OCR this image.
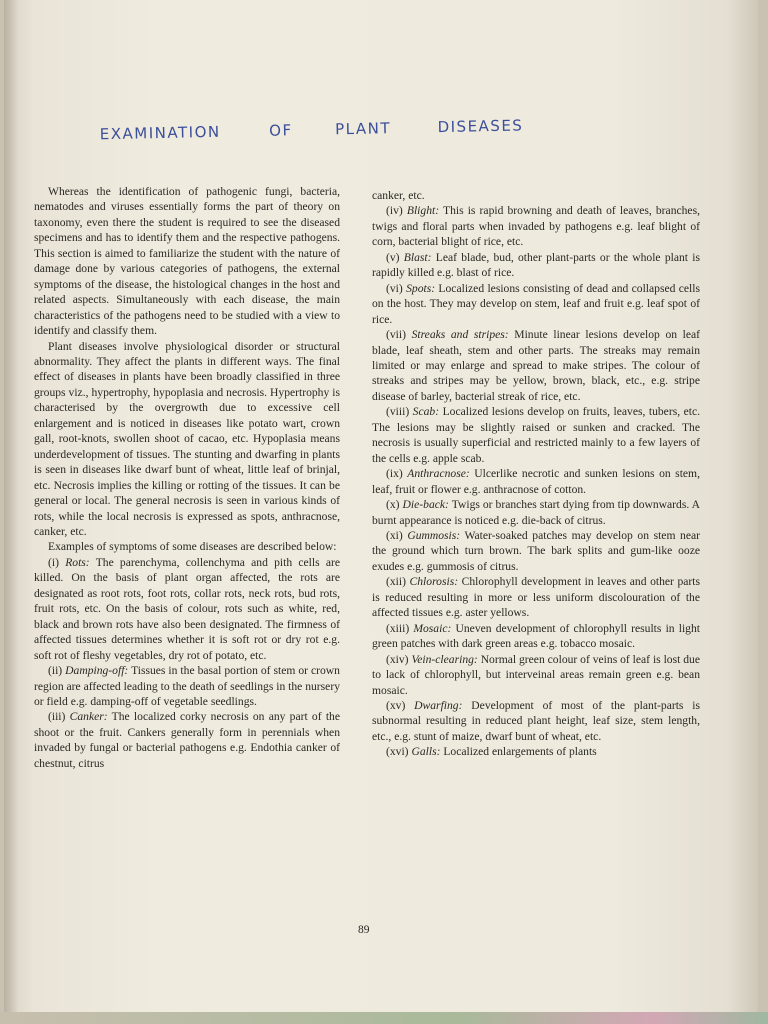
EXAMINATION	OF	PLANT	DISEASES

Whereas the identification of pathogenic fungi, bacteria, nematodes and viruses essentially forms the part of theory on taxonomy, even there the student is required to see the diseased specimens and has to identify them and the respective pathogens. This section is aimed to familiarize the student with the nature of damage done by various categories of pathogens, the external symptoms of the disease, the histological changes in the host and related aspects. Simultaneously with each disease, the main characteristics of the pathogens need to be studied with a view to identify and classify them.

Plant diseases involve physiological disorder or structural abnormality. They affect the plants in different ways. The final effect of diseases in plants have been broadly classified in three groups viz., hypertrophy, hypoplasia and necrosis. Hypertrophy is characterised by the overgrowth due to excessive cell enlargement and is noticed in diseases like potato wart, crown gall, root-knots, swollen shoot of cacao, etc. Hypoplasia means underdevelopment of tissues. The stunting and dwarfing in plants is seen in diseases like dwarf bunt of wheat, little leaf of brinjal, etc. Necrosis implies the killing or rotting of the tissues. It can be general or local. The general necrosis is seen in various kinds of rots, while the local necrosis is expressed as spots, anthracnose, canker, etc.

Examples of symptoms of some diseases are described below:

(i) Rots: The parenchyma, collenchyma and pith cells are killed. On the basis of plant organ affected, the rots are designated as root rots, foot rots, collar rots, neck rots, bud rots, fruit rots, etc. On the basis of colour, rots such as white, red, black and brown rots have also been designated. The firmness of affected tissues determines whether it is soft rot or dry rot e.g. soft rot of fleshy vegetables, dry rot of potato, etc.

(ii) Damping-off: Tissues in the basal portion of stem or crown region are affected leading to the death of seedlings in the nursery or field e.g. damping-off of vegetable seedlings.

(iii) Canker: The localized corky necrosis on any part of the shoot or the fruit. Cankers generally form in perennials when invaded by fungal or bacterial pathogens e.g. Endothia canker of chestnut, citrus

canker, etc.

(iv) Blight: This is rapid browning and death of leaves, branches, twigs and floral parts when invaded by pathogens e.g. leaf blight of corn, bacterial blight of rice, etc.

(v) Blast: Leaf blade, bud, other plant-parts or the whole plant is rapidly killed e.g. blast of rice.

(vi) Spots: Localized lesions consisting of dead and collapsed cells on the host. They may develop on stem, leaf and fruit e.g. leaf spot of rice.

(vii) Streaks and stripes: Minute linear lesions develop on leaf blade, leaf sheath, stem and other parts. The streaks may remain limited or may enlarge and spread to make stripes. The colour of streaks and stripes may be yellow, brown, black, etc., e.g. stripe disease of barley, bacterial streak of rice, etc.

(viii) Scab: Localized lesions develop on fruits, leaves, tubers, etc. The lesions may be slightly raised or sunken and cracked. The necrosis is usually superficial and restricted mainly to a few layers of the cells e.g. apple scab.

(ix) Anthracnose: Ulcerlike necrotic and sunken lesions on stem, leaf, fruit or flower e.g. anthracnose of cotton.

(x) Die-back: Twigs or branches start dying from tip downwards. A burnt appearance is noticed e.g. die-back of citrus.

(xi) Gummosis: Water-soaked patches may develop on stem near the ground which turn brown. The bark splits and gum-like ooze exudes e.g. gummosis of citrus.

(xii) Chlorosis: Chlorophyll development in leaves and other parts is reduced resulting in more or less uniform discolouration of the affected tissues e.g. aster yellows.

(xiii) Mosaic: Uneven development of chlorophyll results in light green patches with dark green areas e.g. tobacco mosaic.

(xiv) Vein-clearing: Normal green colour of veins of leaf is lost due to lack of chlorophyll, but interveinal areas remain green e.g. bean mosaic.

(xv) Dwarfing: Development of most of the plant-parts is subnormal resulting in reduced plant height, leaf size, stem length, etc., e.g. stunt of maize, dwarf bunt of wheat, etc.

(xvi) Galls: Localized enlargements of plants

89
